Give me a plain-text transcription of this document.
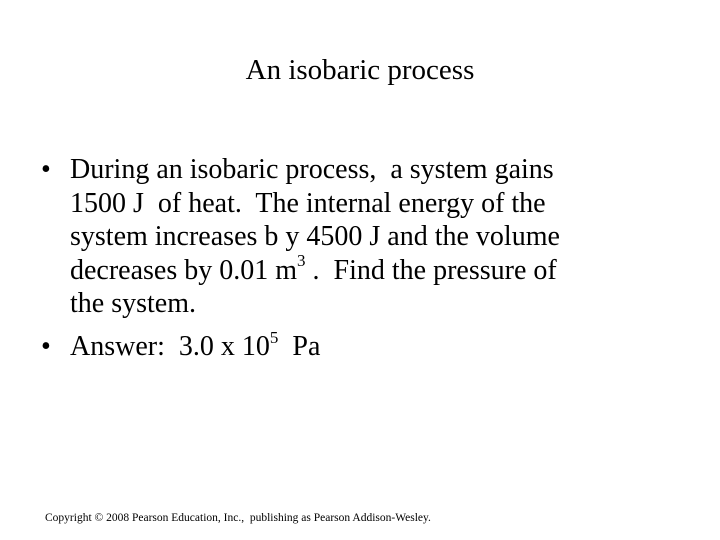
An isobaric process
• During an isobaric process,  a system gains
1500 J  of heat.  The internal energy of the
system increases b y 4500 J and the volume
decreases by 0.01 $m^3$ .  Find the pressure of
the system.
• Answer:  3.0 x $10^5$  Pa
Copyright © 2008 Pearson Education, Inc.,  publishing as Pearson Addison-Wesley.
